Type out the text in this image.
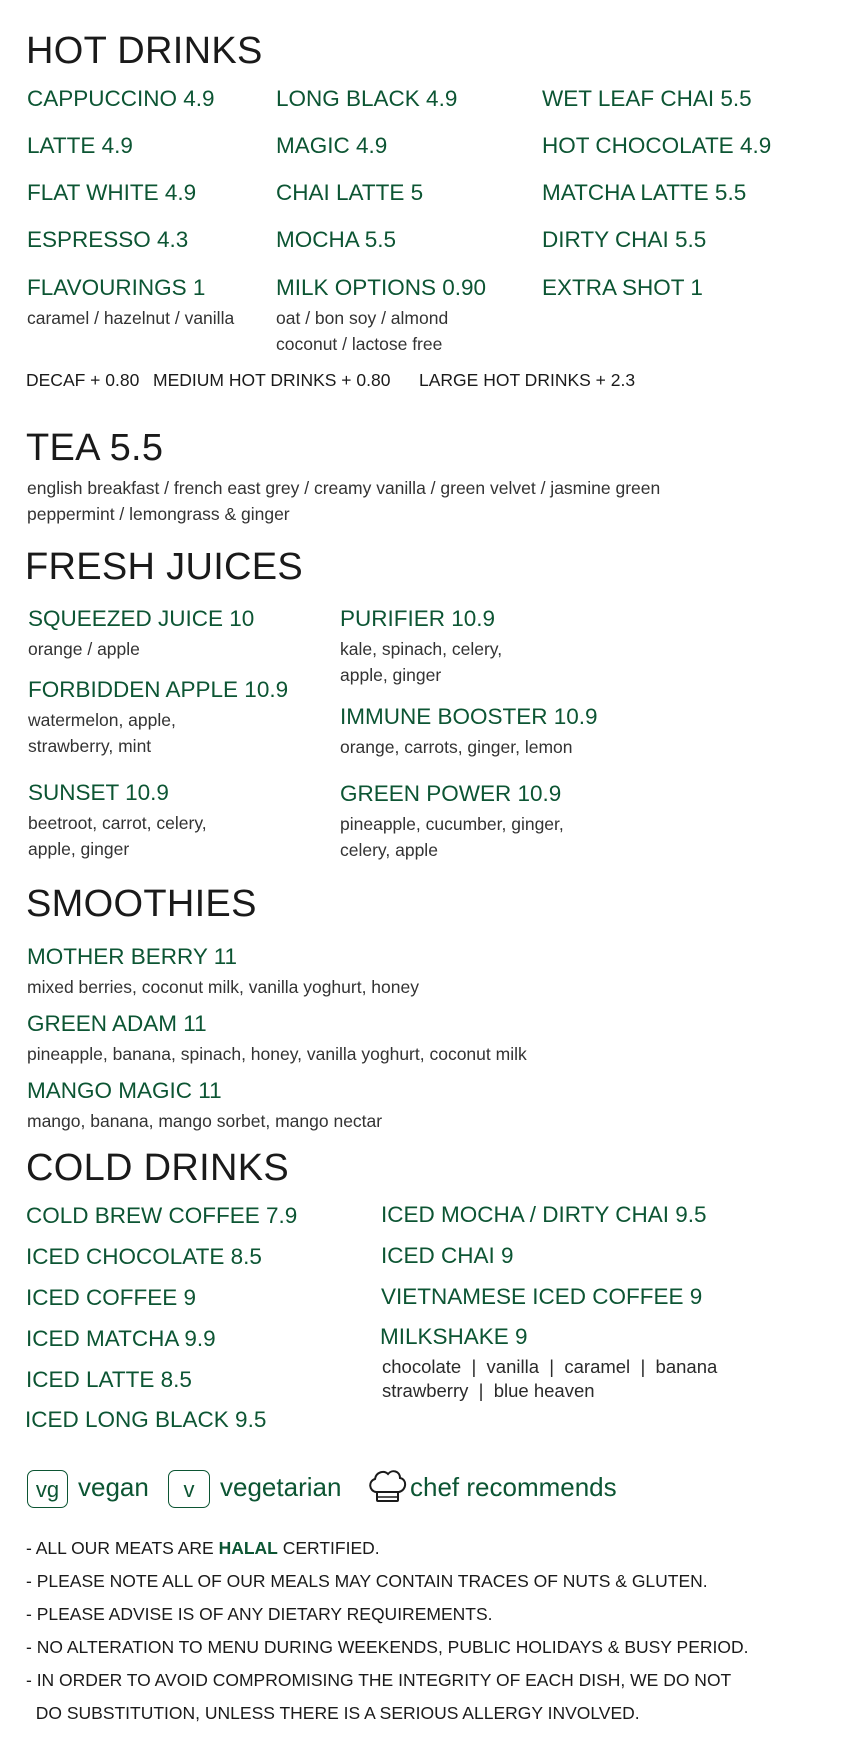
HOT DRINKS
CAPPUCCINO 4.9
LATTE 4.9
FLAT WHITE 4.9
ESPRESSO 4.3
LONG BLACK 4.9
MAGIC 4.9
CHAI LATTE 5
MOCHA 5.5
WET LEAF CHAI 5.5
HOT CHOCOLATE 4.9
MATCHA LATTE 5.5
DIRTY CHAI 5.5
FLAVOURINGS 1
caramel / hazelnut / vanilla
MILK OPTIONS 0.90
oat / bon soy / almond
coconut / lactose free
EXTRA SHOT 1
DECAF + 0.80 MEDIUM HOT DRINKS + 0.80 LARGE HOT DRINKS + 2.3
TEA 5.5
english breakfast / french east grey / creamy vanilla / green velvet / jasmine green
peppermint / lemongrass & ginger
FRESH JUICES
SQUEEZED JUICE 10
orange / apple
FORBIDDEN APPLE 10.9
watermelon, apple,
strawberry, mint
SUNSET 10.9
beetroot, carrot, celery,
apple, ginger
PURIFIER 10.9
kale, spinach, celery,
apple, ginger
IMMUNE BOOSTER 10.9
orange, carrots, ginger, lemon
GREEN POWER 10.9
pineapple, cucumber, ginger,
celery, apple
SMOOTHIES
MOTHER BERRY 11
mixed berries, coconut milk, vanilla yoghurt, honey
GREEN ADAM 11
pineapple, banana, spinach, honey, vanilla yoghurt, coconut milk
MANGO MAGIC 11
mango, banana, mango sorbet, mango nectar
COLD DRINKS
COLD BREW COFFEE 7.9
ICED CHOCOLATE 8.5
ICED COFFEE 9
ICED MATCHA 9.9
ICED LATTE 8.5
ICED LONG BLACK 9.5
ICED MOCHA / DIRTY CHAI 9.5
ICED CHAI 9
VIETNAMESE ICED COFFEE 9
MILKSHAKE 9
chocolate  |  vanilla  |  caramel  |  banana
strawberry  |  blue heaven
vg vegan	v vegetarian	chef recommends
- ALL OUR MEATS ARE HALAL CERTIFIED.
- PLEASE NOTE ALL OF OUR MEALS MAY CONTAIN TRACES OF NUTS & GLUTEN.
- PLEASE ADVISE IS OF ANY DIETARY REQUIREMENTS.
- NO ALTERATION TO MENU DURING WEEKENDS, PUBLIC HOLIDAYS & BUSY PERIOD.
- IN ORDER TO AVOID COMPROMISING THE INTEGRITY OF EACH DISH, WE DO NOT
DO SUBSTITUTION, UNLESS THERE IS A SERIOUS ALLERGY INVOLVED.
